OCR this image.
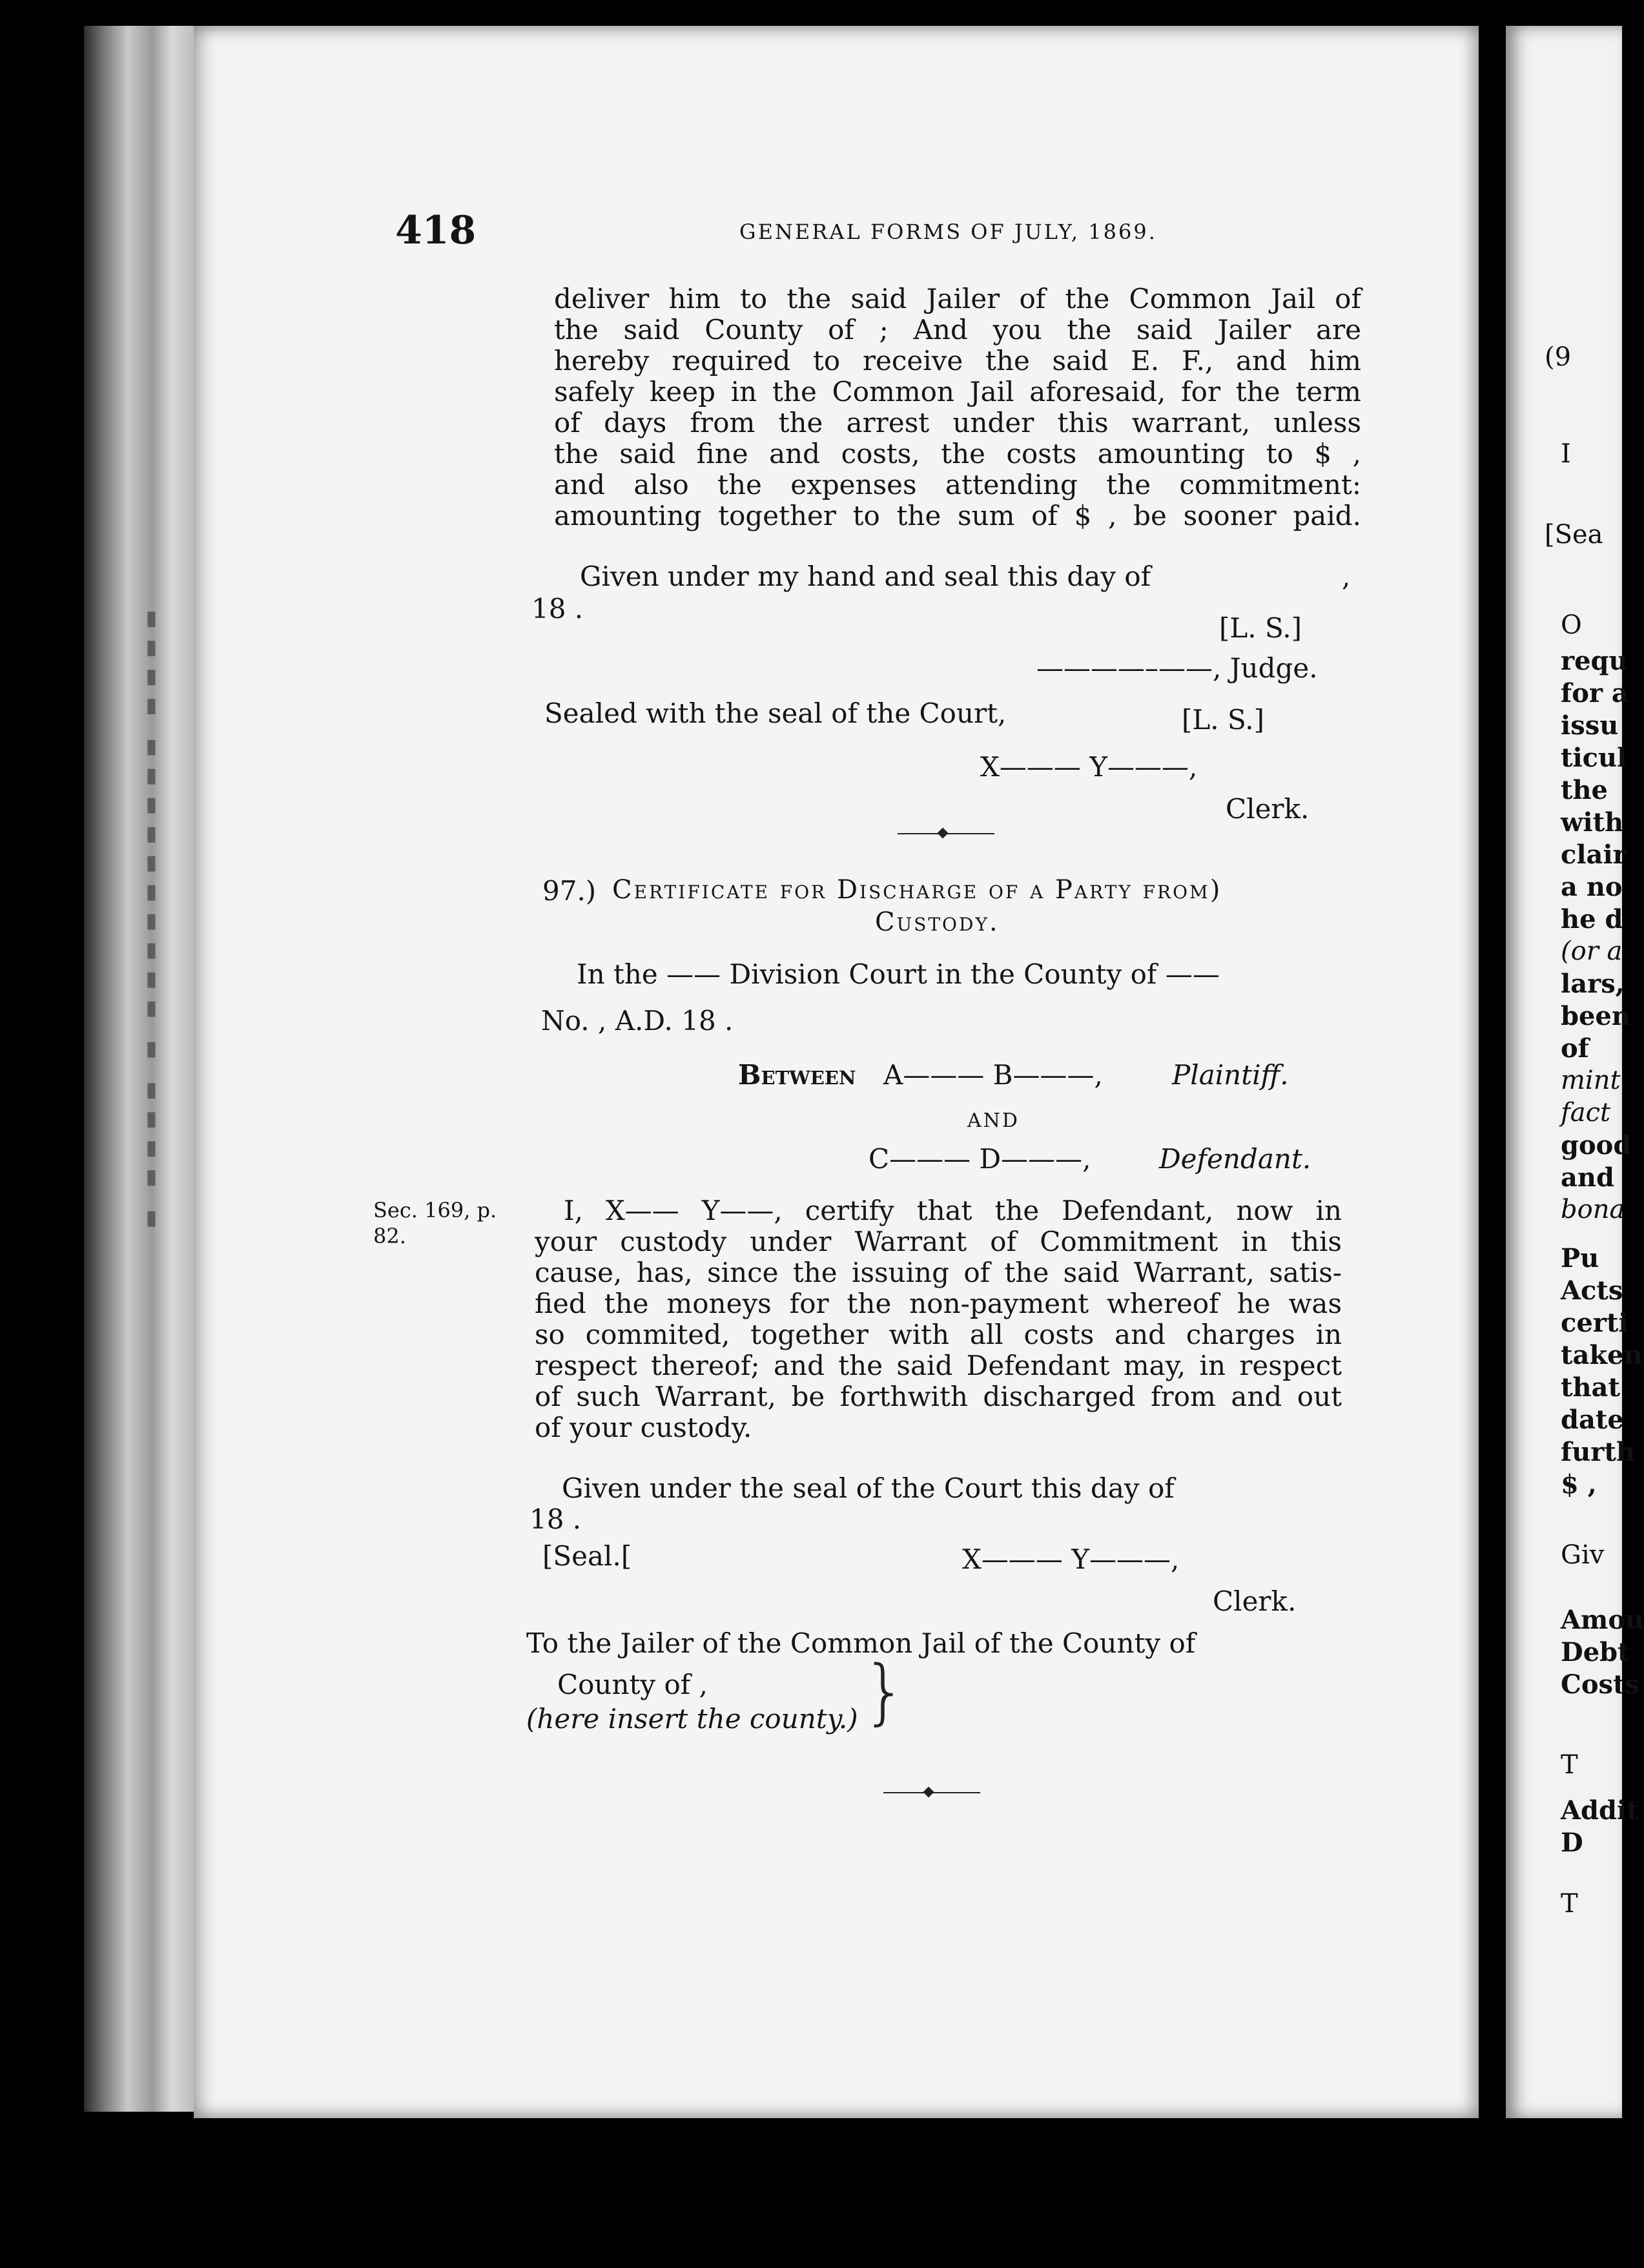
▮▮▮▮ ▮▮▮▮▮▮▮▮▮▮ ▮ ▮▮▮▮ ▮
(9
I
[Sea
O
requ
for a
issu
ticul
the
with
clair
a no
he d
(or a
lars,
been
of
mint
fact
good
and
bona
Pu
Acts
certi
taken
that
date
furth
$ ,
Giv
Amou
Debt
Costs
T
Addit
D
T
418	GENERAL FORMS OF JULY, 1869.
deliver him to the said Jailer of the Common Jail of
the said County of ; And you the said Jailer are
hereby required to receive the said E. F., and him
safely keep in the Common Jail aforesaid, for the term
of days from the arrest under this warrant, unless
the said fine and costs, the costs amounting to $ ,
and also the expenses attending the commitment:
amounting together to the sum of $ , be sooner paid.
Given under my hand and seal this day of	,
18 .
[L. S.]
————–——, Judge.
Sealed with the seal of the Court,	[L. S.]
X——— Y———,
Clerk.
97.) Certificate for Discharge of a Party from)
Custody.
In the —— Division Court in the County of ——
No. , A.D. 18 .
Between A——— B———,	Plaintiff.
AND
C——— D———,	Defendant.
Sec. 169, p.
82.
I, X—— Y——, certify that the Defendant, now in
your custody under Warrant of Commitment in this
cause, has, since the issuing of the said Warrant, satis-
fied the moneys for the non-payment whereof he was
so commited, together with all costs and charges in
respect thereof; and the said Defendant may, in respect
of such Warrant, be forthwith discharged from and out
of your custody.
Given under the seal of the Court this day of
18 .
[Seal.[	X——— Y———,
Clerk.
To the Jailer of the Common Jail of the County of
County of ,
(here insert the county.) }
